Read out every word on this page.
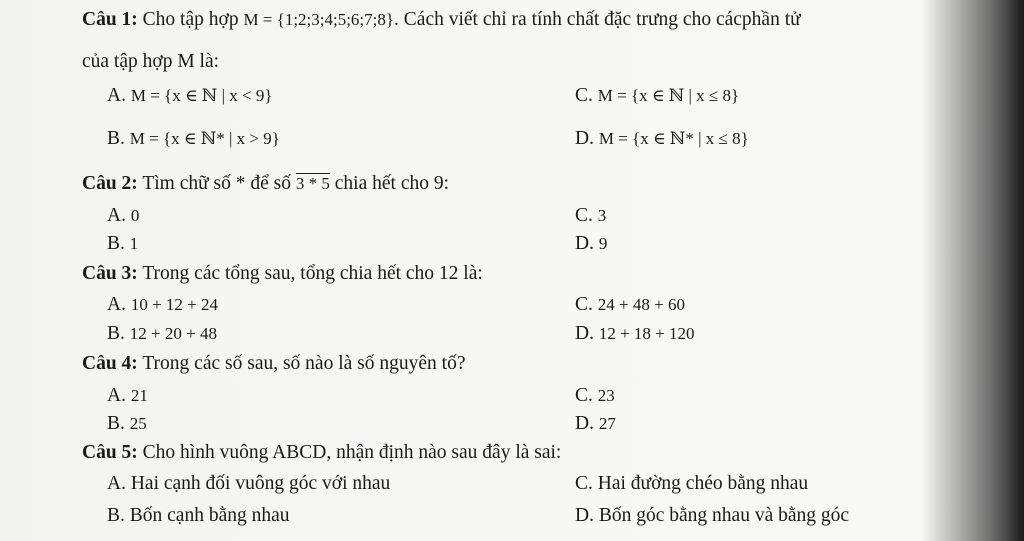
Câu 1: Cho tập hợp M = {1;2;3;4;5;6;7;8}. Cách viết chỉ ra tính chất đặc trưng cho cácphần tử
của tập hợp M là:
A. M = {x ∈ ℕ | x < 9}	C. M = {x ∈ ℕ | x ≤ 8}
B. M = {x ∈ ℕ* | x > 9}	D. M = {x ∈ ℕ* | x ≤ 8}
Câu 2: Tìm chữ số * để số 3 * 5 chia hết cho 9:
A. 0	C. 3
B. 1	D. 9
Câu 3: Trong các tổng sau, tổng chia hết cho 12 là:
A. 10 + 12 + 24	C. 24 + 48 + 60
B. 12 + 20 + 48	D. 12 + 18 + 120
Câu 4: Trong các số sau, số nào là số nguyên tố?
A. 21	C. 23
B. 25	D. 27
Câu 5: Cho hình vuông ABCD, nhận định nào sau đây là sai:
A. Hai cạnh đối vuông góc với nhau	C. Hai đường chéo bằng nhau
B. Bốn cạnh bằng nhau	D. Bốn góc bằng nhau và bằng góc
